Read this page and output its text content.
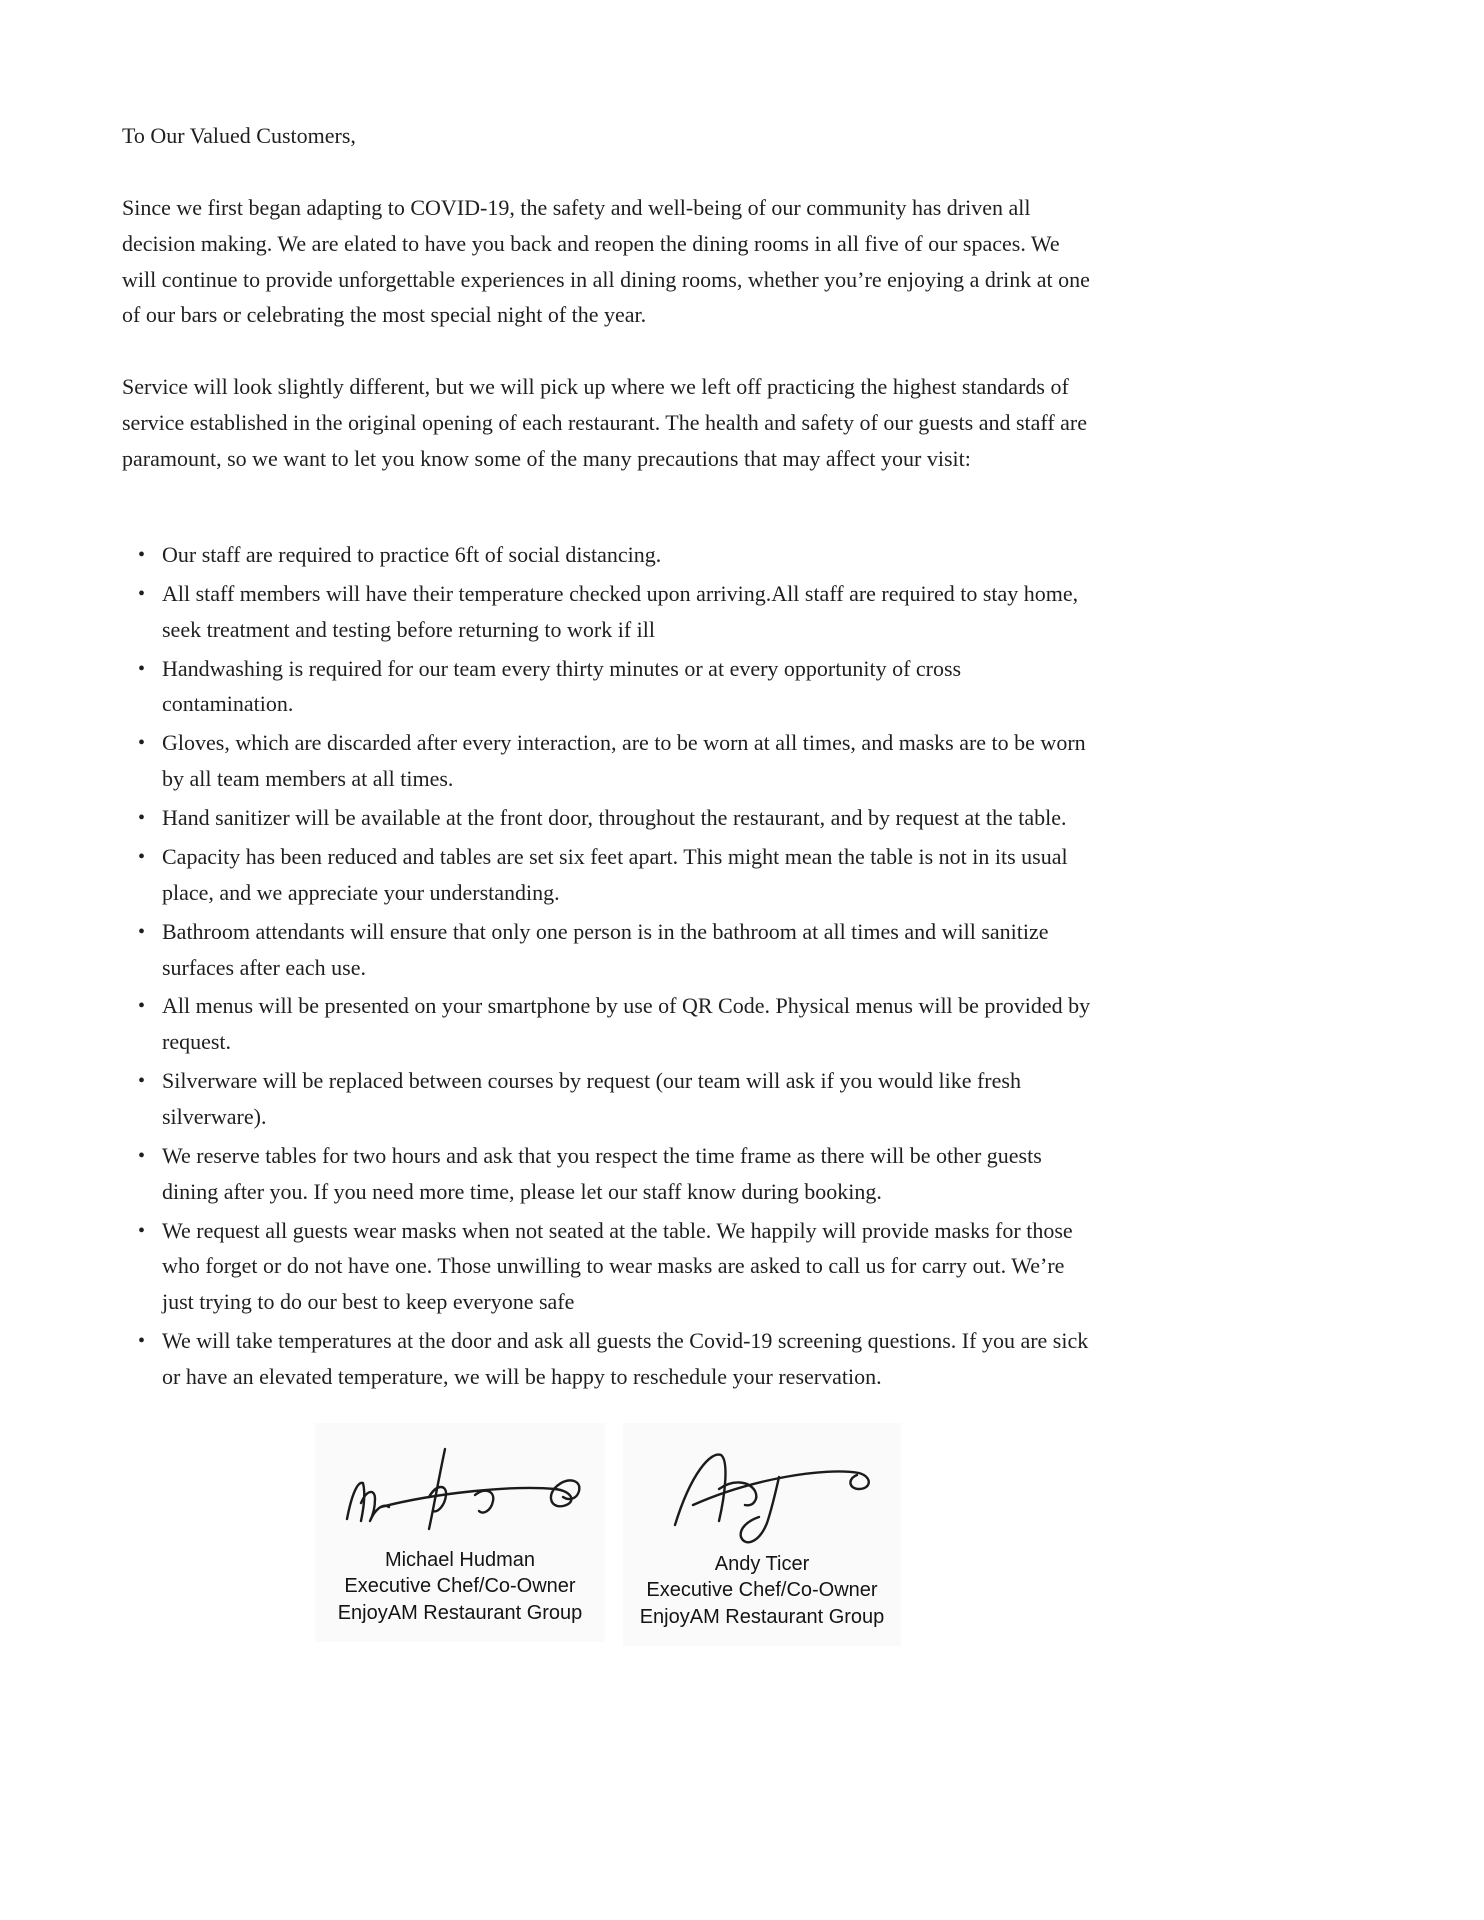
To Our Valued Customers,

Since we first began adapting to COVID-19, the safety and well-being of our community has driven all decision making. We are elated to have you back and reopen the dining rooms in all five of our spaces. We will continue to provide unforgettable experiences in all dining rooms, whether you’re enjoying a drink at one of our bars or celebrating the most special night of the year.

Service will look slightly different, but we will pick up where we left off practicing the highest standards of service established in the original opening of each restaurant. The health and safety of our guests and staff are paramount, so we want to let you know some of the many precautions that may affect your visit:

• Our staff are required to practice 6ft of social distancing.
• All staff members will have their temperature checked upon arriving.All staff are required to stay home, seek treatment and testing before returning to work if ill
• Handwashing is required for our team every thirty minutes or at every opportunity of cross contamination.
• Gloves, which are discarded after every interaction, are to be worn at all times, and masks are to be worn by all team members at all times.
• Hand sanitizer will be available at the front door, throughout the restaurant, and by request at the table.
• Capacity has been reduced and tables are set six feet apart. This might mean the table is not in its usual place, and we appreciate your understanding.
• Bathroom attendants will ensure that only one person is in the bathroom at all times and will sanitize surfaces after each use.
• All menus will be presented on your smartphone by use of QR Code. Physical menus will be provided by request.
• Silverware will be replaced between courses by request (our team will ask if you would like fresh silverware).
• We reserve tables for two hours and ask that you respect the time frame as there will be other guests dining after you. If you need more time, please let our staff know during booking.
• We request all guests wear masks when not seated at the table. We happily will provide masks for those who forget or do not have one. Those unwilling to wear masks are asked to call us for carry out. We’re just trying to do our best to keep everyone safe
• We will take temperatures at the door and ask all guests the Covid-19 screening questions. If you are sick or have an elevated temperature, we will be happy to reschedule your reservation.
Michael Hudman
Executive Chef/Co-Owner
EnjoyAM Restaurant Group
Andy Ticer
Executive Chef/Co-Owner
EnjoyAM Restaurant Group
